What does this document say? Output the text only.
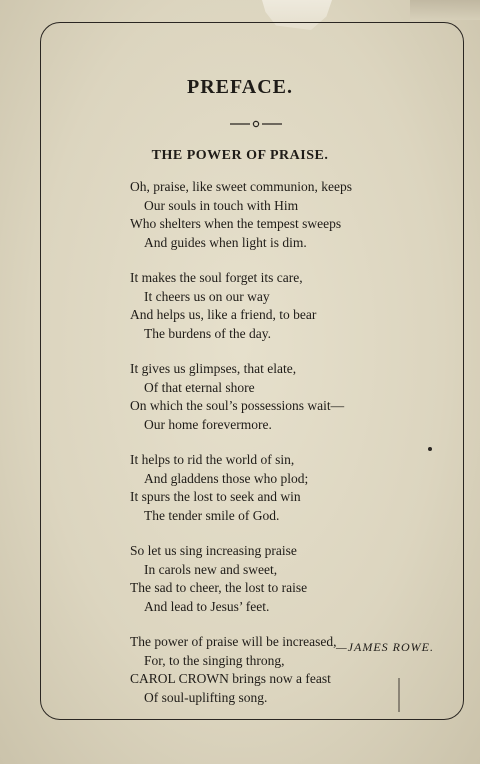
PREFACE.
THE POWER OF PRAISE.
Oh, praise, like sweet communion, keeps
Our souls in touch with Him
Who shelters when the tempest sweeps
And guides when light is dim.
It makes the soul forget its care,
It cheers us on our way
And helps us, like a friend, to bear
The burdens of the day.
It gives us glimpses, that elate,
Of that eternal shore
On which the soul’s possessions wait—
Our home forevermore.
It helps to rid the world of sin,
And gladdens those who plod;
It spurs the lost to seek and win
The tender smile of God.
So let us sing increasing praise
In carols new and sweet,
The sad to cheer, the lost to raise
And lead to Jesus’ feet.
The power of praise will be increased,
For, to the singing throng,
CAROL CROWN brings now a feast
Of soul-uplifting song.
—JAMES ROWE.
